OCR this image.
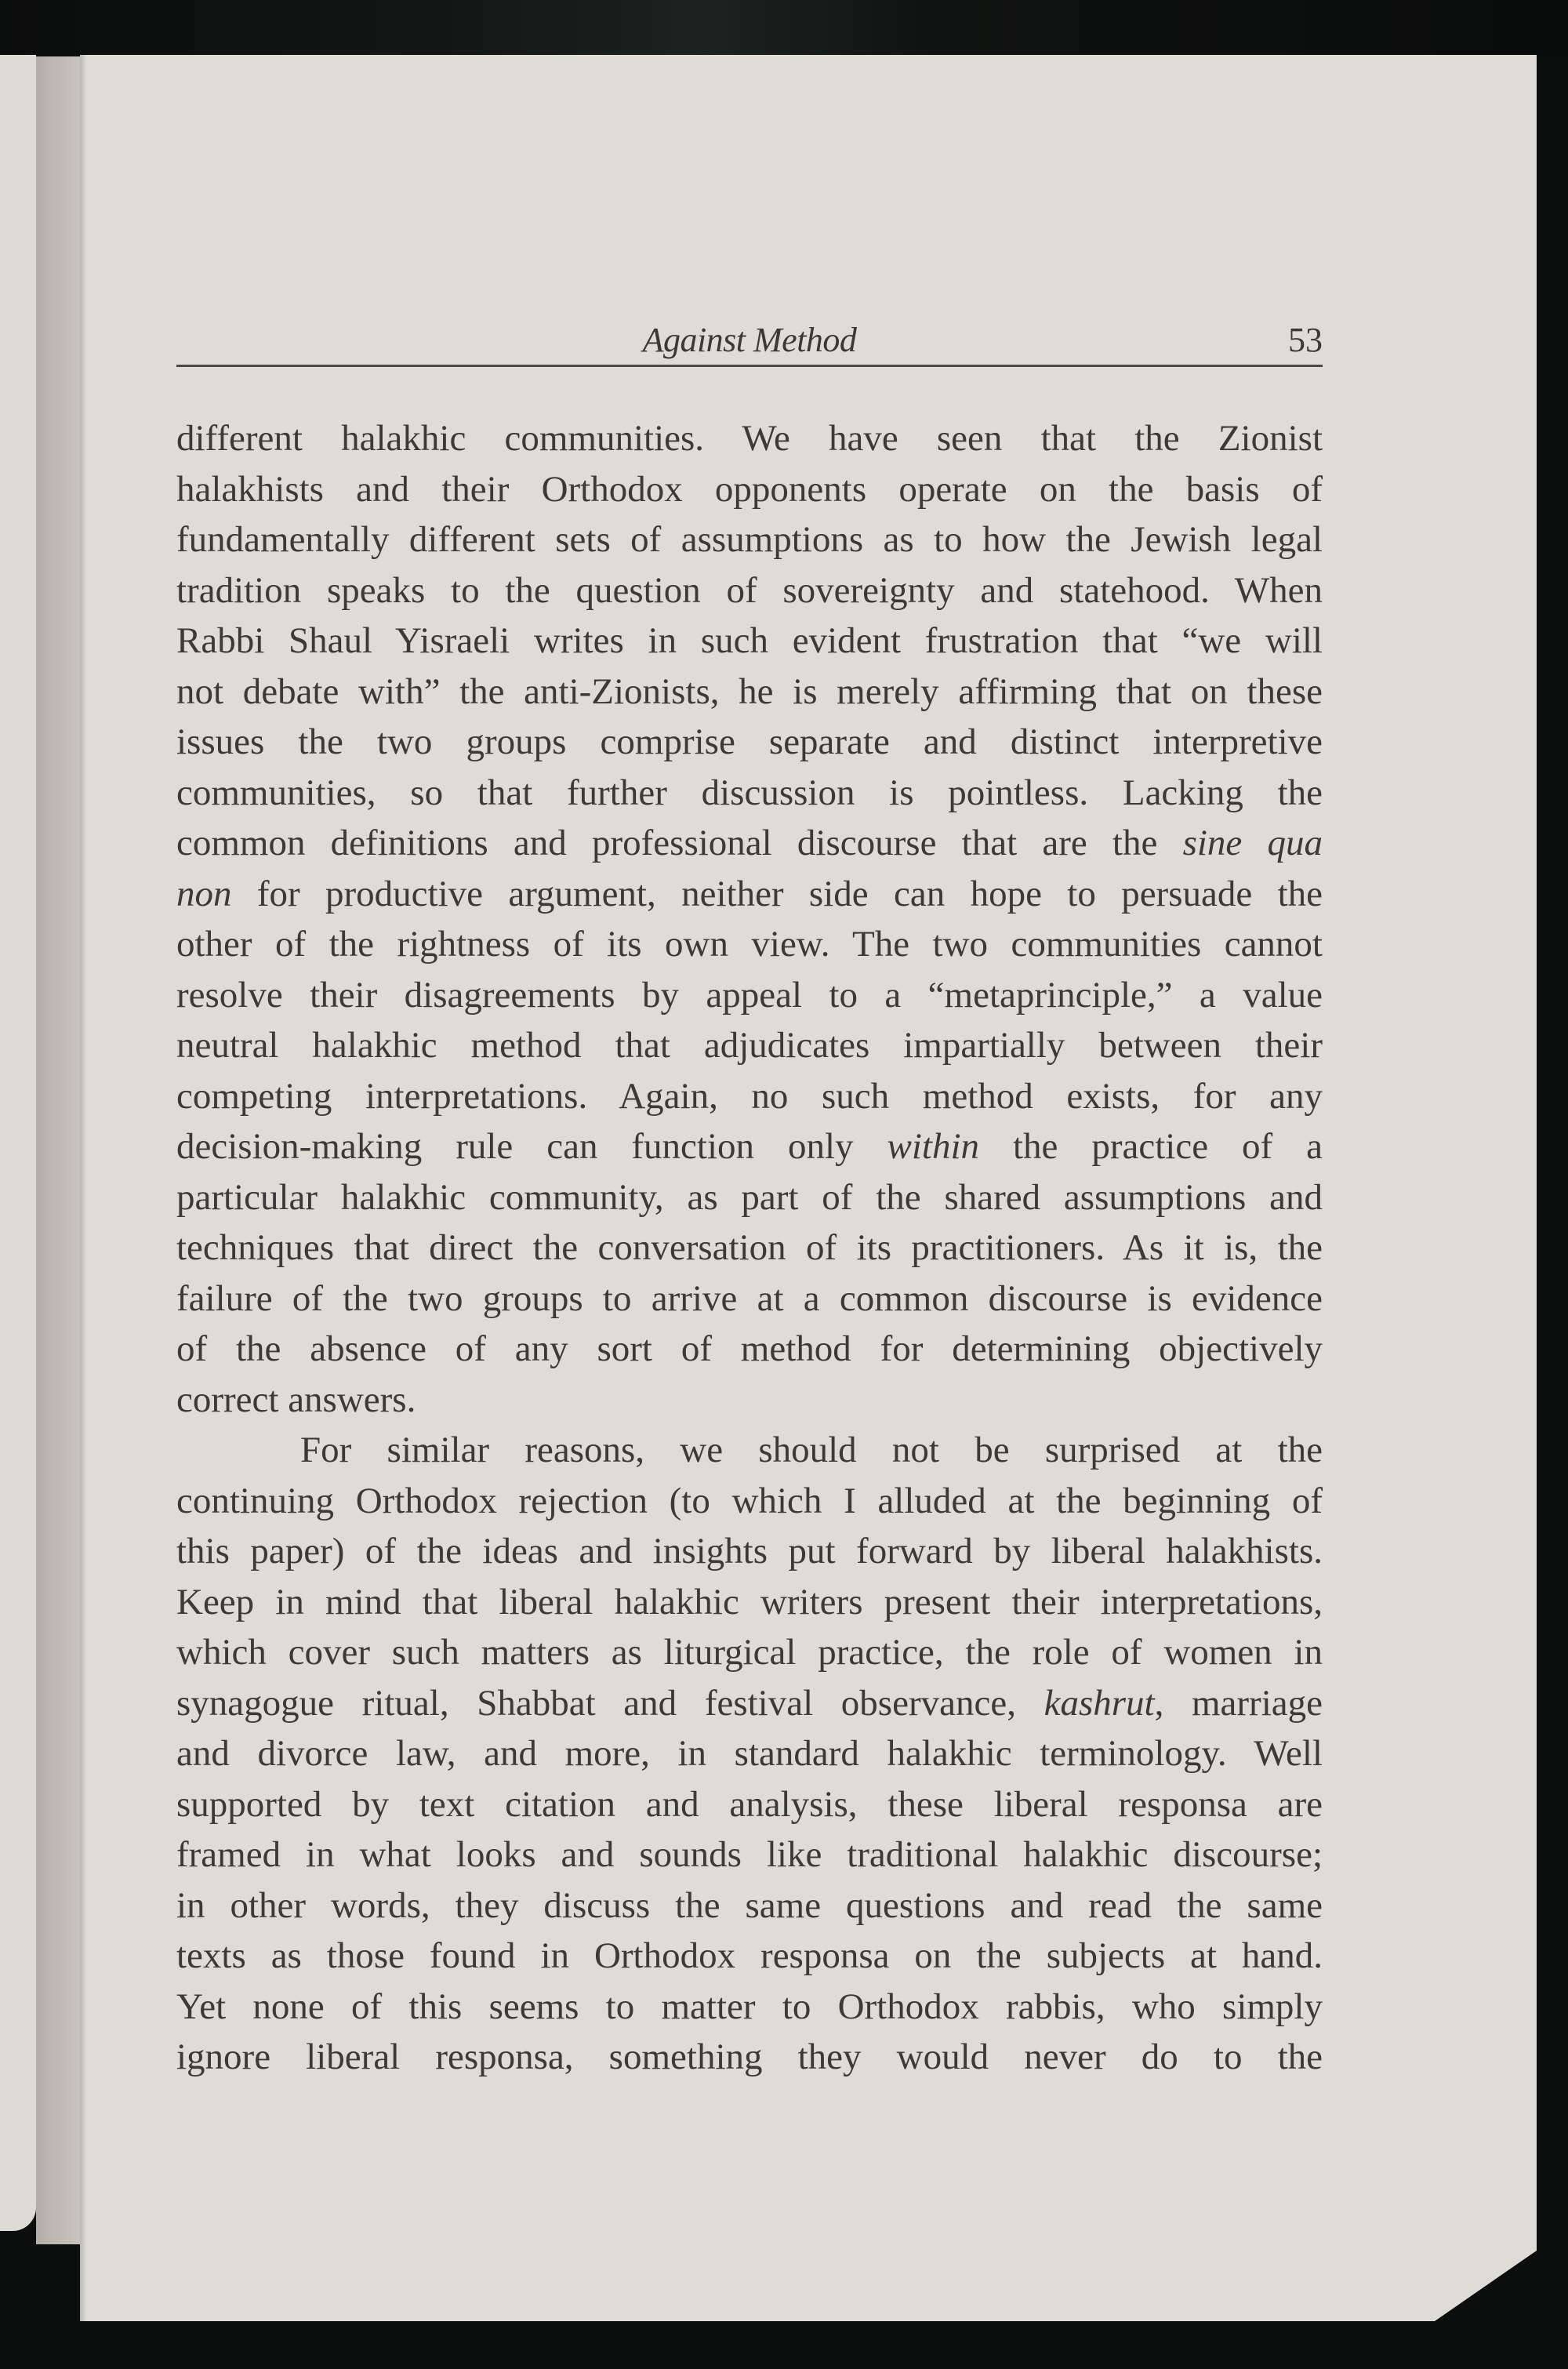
Against Method	53
different halakhic communities. We have seen that the Zionist
halakhists and their Orthodox opponents operate on the basis of
fundamentally different sets of assumptions as to how the Jewish legal
tradition speaks to the question of sovereignty and statehood. When
Rabbi Shaul Yisraeli writes in such evident frustration that “we will
not debate with” the anti-Zionists, he is merely affirming that on these
issues the two groups comprise separate and distinct interpretive
communities, so that further discussion is pointless. Lacking the
common definitions and professional discourse that are the sine qua
non for productive argument, neither side can hope to persuade the
other of the rightness of its own view. The two communities cannot
resolve their disagreements by appeal to a “metaprinciple,” a value
neutral halakhic method that adjudicates impartially between their
competing interpretations. Again, no such method exists, for any
decision-making rule can function only within the practice of a
particular halakhic community, as part of the shared assumptions and
techniques that direct the conversation of its practitioners. As it is, the
failure of the two groups to arrive at a common discourse is evidence
of the absence of any sort of method for determining objectively
correct answers.
For similar reasons, we should not be surprised at the
continuing Orthodox rejection (to which I alluded at the beginning of
this paper) of the ideas and insights put forward by liberal halakhists.
Keep in mind that liberal halakhic writers present their interpretations,
which cover such matters as liturgical practice, the role of women in
synagogue ritual, Shabbat and festival observance, kashrut, marriage
and divorce law, and more, in standard halakhic terminology. Well
supported by text citation and analysis, these liberal responsa are
framed in what looks and sounds like traditional halakhic discourse;
in other words, they discuss the same questions and read the same
texts as those found in Orthodox responsa on the subjects at hand.
Yet none of this seems to matter to Orthodox rabbis, who simply
ignore liberal responsa, something they would never do to the
